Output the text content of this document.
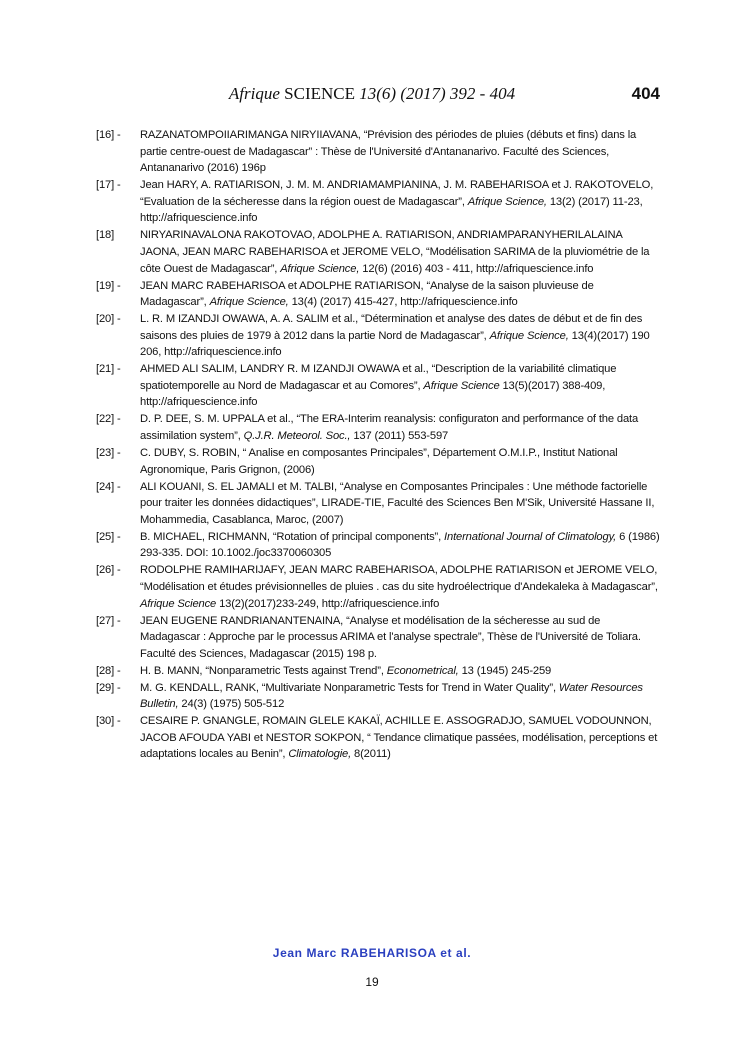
Afrique SCIENCE 13(6) (2017) 392 - 404	404
[16] -	RAZANATOMPOIIARIMANGA NIRYIIAVANA, “Prévision des périodes de pluies (débuts et fins) dans la partie centre-ouest de Madagascar” : Thèse de l'Université d'Antananarivo. Faculté des Sciences, Antananarivo (2016) 196p
[17] -	Jean HARY, A. RATIARISON, J. M. M. ANDRIAMAMPIANINA, J. M. RABEHARISOA et J. RAKOTOVELO, “Evaluation de la sécheresse dans la région ouest de Madagascar”, Afrique Science, 13(2) (2017) 11-23, http://afriquescience.info
[18]	NIRYARINAVALONA RAKOTOVAO, ADOLPHE A. RATIARISON, ANDRIAMPARANYHERILALAINA JAONA, JEAN MARC RABEHARISOA et JEROME VELO, “Modélisation SARIMA de la pluviométrie de la côte Ouest de Madagascar”, Afrique Science, 12(6) (2016) 403 - 411, http://afriquescience.info
[19] -	JEAN MARC RABEHARISOA et ADOLPHE RATIARISON, “Analyse de la saison pluvieuse de Madagascar”, Afrique Science, 13(4) (2017) 415-427, http://afriquescience.info
[20] -	L. R. M IZANDJI OWAWA, A. A. SALIM et al., “Détermination et analyse des dates de début et de fin des saisons des pluies de 1979 à 2012 dans la partie Nord de Madagascar”, Afrique Science, 13(4)(2017) 190 206, http://afriquescience.info
[21] -	AHMED ALI SALIM, LANDRY R. M IZANDJI OWAWA et al., “Description de la variabilité climatique spatiotemporelle au Nord de Madagascar et au Comores”, Afrique Science 13(5)(2017) 388-409, http://afriquescience.info
[22] -	D. P. DEE, S. M. UPPALA et al., “The ERA-Interim reanalysis: configuraton and performance of the data assimilation system”, Q.J.R. Meteorol. Soc., 137 (2011) 553-597
[23] -	C. DUBY, S. ROBIN, “ Analise en composantes Principales”, Département O.M.I.P., Institut National Agronomique, Paris Grignon, (2006)
[24] -	ALI KOUANI, S. EL JAMALI et M. TALBI, “Analyse en Composantes Principales : Une méthode factorielle pour traiter les données didactiques”, LIRADE-TIE, Faculté des Sciences Ben M'Sik, Université Hassane II, Mohammedia, Casablanca, Maroc, (2007)
[25] -	B. MICHAEL, RICHMANN, “Rotation of principal components”, International Journal of Climatology, 6 (1986) 293-335. DOI: 10.1002./joc3370060305
[26] -	RODOLPHE RAMIHARIJAFY, JEAN MARC RABEHARISOA, ADOLPHE RATIARISON et JEROME VELO, “Modélisation et études prévisionnelles de pluies . cas du site hydroélectrique d'Andekaleka à Madagascar”, Afrique Science 13(2)(2017)233-249, http://afriquescience.info
[27] -	JEAN EUGENE RANDRIANANTENAINA, “Analyse et modélisation de la sécheresse au sud de Madagascar : Approche par le processus ARIMA et l'analyse spectrale”, Thèse de l'Université de Toliara. Faculté des Sciences, Madagascar (2015) 198 p.
[28] -	H. B. MANN, “Nonparametric Tests against Trend”, Econometrical, 13 (1945) 245-259
[29] -	M. G. KENDALL, RANK, “Multivariate Nonparametric Tests for Trend in Water Quality”, Water Resources Bulletin, 24(3) (1975) 505-512
[30] -	CESAIRE P. GNANGLE, ROMAIN GLELE KAKAÏ, ACHILLE E. ASSOGRADJO, SAMUEL VODOUNNON, JACOB AFOUDA YABI et NESTOR SOKPON, “ Tendance climatique passées, modélisation, perceptions et adaptations locales au Benin”, Climatologie, 8(2011)
Jean Marc RABEHARISOA et al.
19
